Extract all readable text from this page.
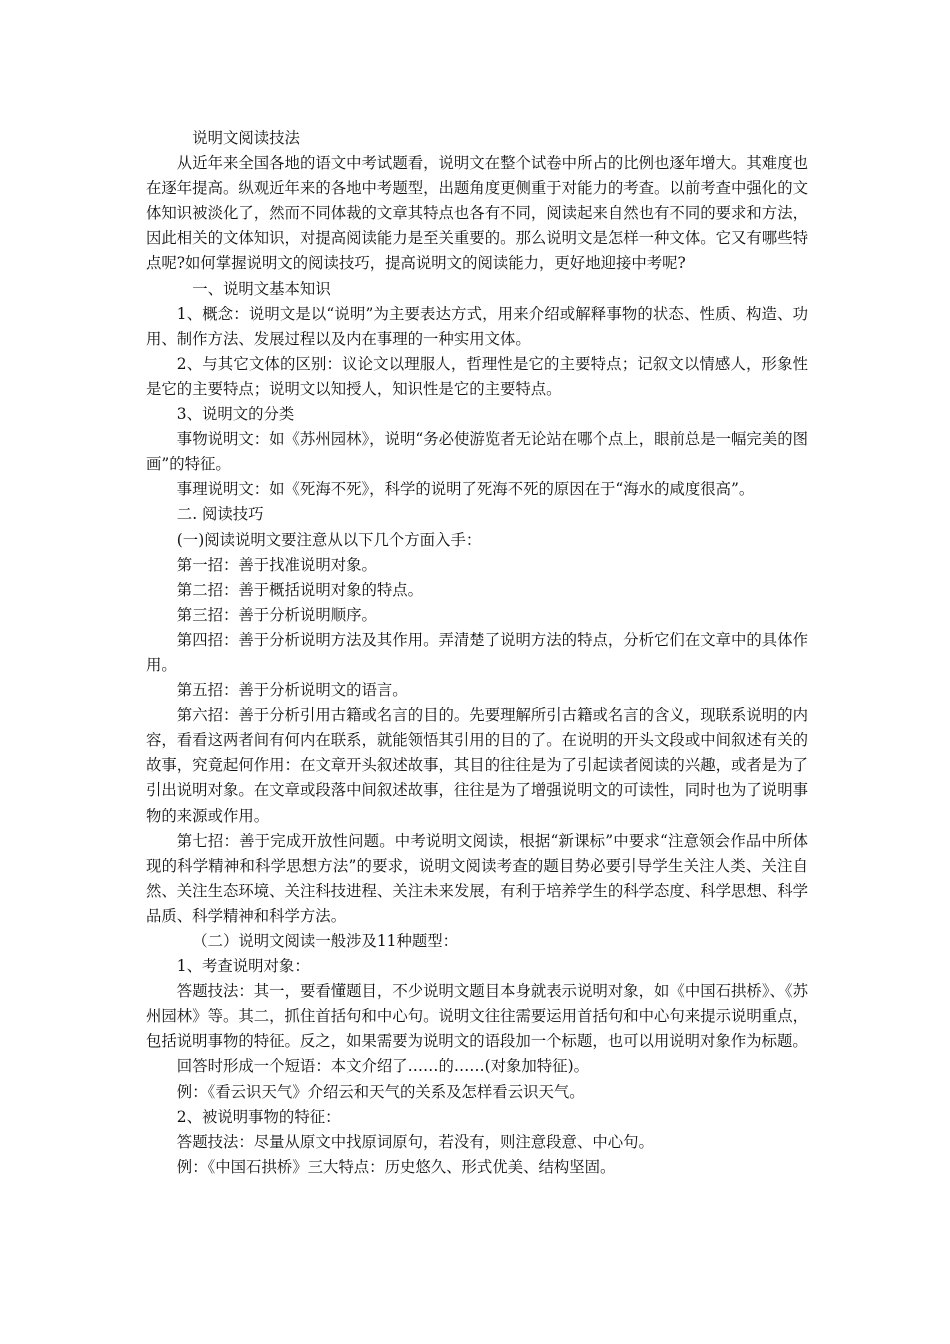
说明文阅读技法

从近年来全国各地的语文中考试题看，说明文在整个试卷中所占的比例也逐年增大。其难度也在逐年提高。纵观近年来的各地中考题型，出题角度更侧重于对能力的考查。以前考查中强化的文体知识被淡化了，然而不同体裁的文章其特点也各有不同，阅读起来自然也有不同的要求和方法，因此相关的文体知识，对提高阅读能力是至关重要的。那么说明文是怎样一种文体。它又有哪些特点呢?如何掌握说明文的阅读技巧，提高说明文的阅读能力，更好地迎接中考呢?

一、说明文基本知识

1、概念：说明文是以“说明”为主要表达方式，用来介绍或解释事物的状态、性质、构造、功用、制作方法、发展过程以及内在事理的一种实用文体。

2、与其它文体的区别：议论文以理服人，哲理性是它的主要特点；记叙文以情感人，形象性是它的主要特点；说明文以知授人，知识性是它的主要特点。

3、说明文的分类

事物说明文：如《苏州园林》，说明“务必使游览者无论站在哪个点上，眼前总是一幅完美的图画”的特征。

事理说明文：如《死海不死》，科学的说明了死海不死的原因在于“海水的咸度很高”。

二. 阅读技巧

(一)阅读说明文要注意从以下几个方面入手：

第一招：善于找准说明对象。

第二招：善于概括说明对象的特点。

第三招：善于分析说明顺序。

第四招：善于分析说明方法及其作用。弄清楚了说明方法的特点，分析它们在文章中的具体作用。

第五招：善于分析说明文的语言。

第六招：善于分析引用古籍或名言的目的。先要理解所引古籍或名言的含义，现联系说明的内容，看看这两者间有何内在联系，就能领悟其引用的目的了。在说明的开头文段或中间叙述有关的故事，究竟起何作用：在文章开头叙述故事，其目的往往是为了引起读者阅读的兴趣，或者是为了引出说明对象。在文章或段落中间叙述故事，往往是为了增强说明文的可读性，同时也为了说明事物的来源或作用。

第七招：善于完成开放性问题。中考说明文阅读，根据“新课标”中要求“注意领会作品中所体现的科学精神和科学思想方法”的要求，说明文阅读考查的题目势必要引导学生关注人类、关注自然、关注生态环境、关注科技进程、关注未来发展，有利于培养学生的科学态度、科学思想、科学品质、科学精神和科学方法。

（二）说明文阅读一般涉及11种题型：

1、考查说明对象：

答题技法：其一，要看懂题目，不少说明文题目本身就表示说明对象，如《中国石拱桥》、《苏州园林》等。其二，抓住首括句和中心句。说明文往往需要运用首括句和中心句来提示说明重点，包括说明事物的特征。反之，如果需要为说明文的语段加一个标题，也可以用说明对象作为标题。

回答时形成一个短语：本文介绍了……的……(对象加特征)。

例：《看云识天气》介绍云和天气的关系及怎样看云识天气。

2、被说明事物的特征：

答题技法：尽量从原文中找原词原句，若没有，则注意段意、中心句。

例：《中国石拱桥》三大特点：历史悠久、形式优美、结构坚固。
